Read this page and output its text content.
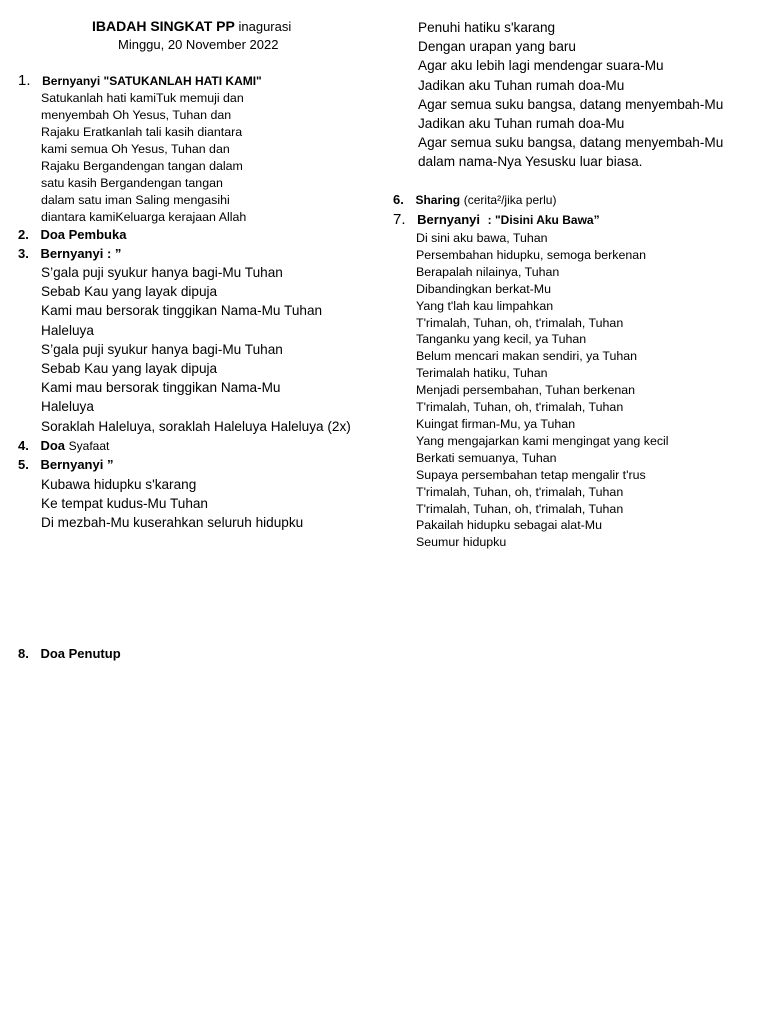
IBADAH SINGKAT PP inagurasi
Minggu, 20 November 2022
1. Bernyanyi "SATUKANLAH HATI KAMI"
Satukanlah hati kamiTuk memuji dan
menyembah Oh Yesus, Tuhan dan
Rajaku Eratkanlah tali kasih diantara
kami semua Oh Yesus, Tuhan dan
Rajaku Bergandengan tangan dalam
satu kasih Bergandengan tangan
dalam satu iman Saling mengasihi
diantara kamiKeluarga kerajaan Allah
2. Doa Pembuka
3. Bernyanyi : ”
S’gala puji syukur hanya bagi-Mu Tuhan
Sebab Kau yang layak dipuja
Kami mau bersorak tinggikan Nama-Mu Tuhan
Haleluya
S’gala puji syukur hanya bagi-Mu Tuhan
Sebab Kau yang layak dipuja
Kami mau bersorak tinggikan Nama-Mu
Haleluya
Soraklah Haleluya, soraklah Haleluya Haleluya (2x)
4. Doa Syafaat
5. Bernyanyi ”
Kubawa hidupku s'karang
Ke tempat kudus-Mu Tuhan
Di mezbah-Mu kuserahkan seluruh hidupku
8. Doa Penutup
Penuhi hatiku s'karang
Dengan urapan yang baru
Agar aku lebih lagi mendengar suara-Mu
Jadikan aku Tuhan rumah doa-Mu
Agar semua suku bangsa, datang menyembah-Mu
Jadikan aku Tuhan rumah doa-Mu
Agar semua suku bangsa, datang menyembah-Mu
dalam nama-Nya Yesusku luar biasa.
6. Sharing (cerita²/jika perlu)
7. Bernyanyi : "Disini Aku Bawa”
Di sini aku bawa, Tuhan
Persembahan hidupku, semoga berkenan
Berapalah nilainya, Tuhan
Dibandingkan berkat-Mu
Yang t'lah kau limpahkan
T'rimalah, Tuhan, oh, t'rimalah, Tuhan
Tanganku yang kecil, ya Tuhan
Belum mencari makan sendiri, ya Tuhan
Terimalah hatiku, Tuhan
Menjadi persembahan, Tuhan berkenan
T'rimalah, Tuhan, oh, t'rimalah, Tuhan
Kuingat firman-Mu, ya Tuhan
Yang mengajarkan kami mengingat yang kecil
Berkati semuanya, Tuhan
Supaya persembahan tetap mengalir t'rus
T'rimalah, Tuhan, oh, t'rimalah, Tuhan
T'rimalah, Tuhan, oh, t'rimalah, Tuhan
Pakailah hidupku sebagai alat-Mu
Seumur hidupku
